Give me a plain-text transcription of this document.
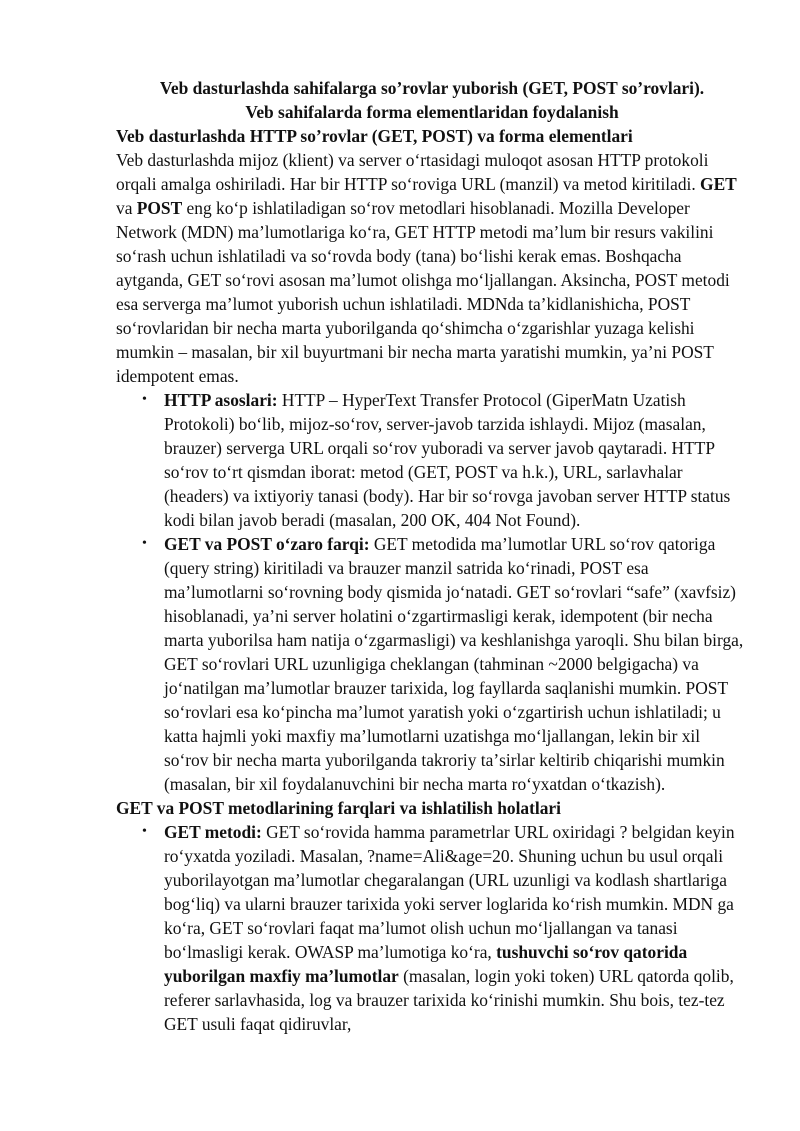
Veb dasturlashda sahifalarga so’rovlar yuborish (GET, POST so’rovlari).
Veb sahifalarda forma elementlaridan foydalanish
Veb dasturlashda HTTP so’rovlar (GET, POST) va forma elementlari

Veb dasturlashda mijoz (klient) va server oʻrtasidagi muloqot asosan HTTP protokoli orqali amalga oshiriladi. Har bir HTTP soʻroviga URL (manzil) va metod kiritiladi. GET va POST eng koʻp ishlatiladigan soʻrov metodlari hisoblanadi. Mozilla Developer Network (MDN) maʼlumotlariga koʻra, GET HTTP metodi maʼlum bir resurs vakilini soʻrash uchun ishlatiladi va soʻrovda body (tana) boʻlishi kerak emas. Boshqacha aytganda, GET soʻrovi asosan maʼlumot olishga moʻljallangan. Aksincha, POST metodi esa serverga maʼlumot yuborish uchun ishlatiladi. MDNda taʼkidlanishicha, POST soʻrovlaridan bir necha marta yuborilganda qoʻshimcha oʻzgarishlar yuzaga kelishi mumkin – masalan, bir xil buyurtmani bir necha marta yaratishi mumkin, yaʼni POST idempotent emas.

• HTTP asoslari: HTTP – HyperText Transfer Protocol (GiperMatn Uzatish Protokoli) boʻlib, mijoz-soʻrov, server-javob tarzida ishlaydi. Mijoz (masalan, brauzer) serverga URL orqali soʻrov yuboradi va server javob qaytaradi. HTTP soʻrov toʻrt qismdan iborat: metod (GET, POST va h.k.), URL, sarlavhalar (headers) va ixtiyoriy tanasi (body). Har bir soʻrovga javoban server HTTP status kodi bilan javob beradi (masalan, 200 OK, 404 Not Found).
• GET va POST oʻzaro farqi: GET metodida maʼlumotlar URL soʻrov qatoriga (query string) kiritiladi va brauzer manzil satrida koʻrinadi, POST esa maʼlumotlarni soʻrovning body qismida joʻnatadi. GET soʻrovlari “safe” (xavfsiz) hisoblanadi, yaʼni server holatini oʻzgartirmasligi kerak, idempotent (bir necha marta yuborilsa ham natija oʻzgarmasligi) va keshlanishga yaroqli. Shu bilan birga, GET soʻrovlari URL uzunligiga cheklangan (tahminan ~2000 belgigacha) va joʻnatilgan maʼlumotlar brauzer tarixida, log fayllarda saqlanishi mumkin. POST soʻrovlari esa koʻpincha maʼlumot yaratish yoki oʻzgartirish uchun ishlatiladi; u katta hajmli yoki maxfiy maʼlumotlarni uzatishga moʻljallangan, lekin bir xil soʻrov bir necha marta yuborilganda takroriy taʼsirlar keltirib chiqarishi mumkin (masalan, bir xil foydalanuvchini bir necha marta roʻyxatdan oʻtkazish).
GET va POST metodlarining farqlari va ishlatilish holatlari
• GET metodi: GET soʻrovida hamma parametrlar URL oxiridagi ? belgidan keyin roʻyxatda yoziladi. Masalan, ?name=Ali&age=20. Shuning uchun bu usul orqali yuborilayotgan maʼlumotlar chegaralangan (URL uzunligi va kodlash shartlariga bogʻliq) va ularni brauzer tarixida yoki server loglarida koʻrish mumkin. MDN ga koʻra, GET soʻrovlari faqat maʼlumot olish uchun moʻljallangan va tanasi boʻlmasligi kerak. OWASP maʼlumotiga koʻra, tushuvchi soʻrov qatorida yuborilgan maxfiy maʼlumotlar (masalan, login yoki token) URL qatorda qolib, referer sarlavhasida, log va brauzer tarixida koʻrinishi mumkin. Shu bois, tez-tez GET usuli faqat qidiruvlar,
